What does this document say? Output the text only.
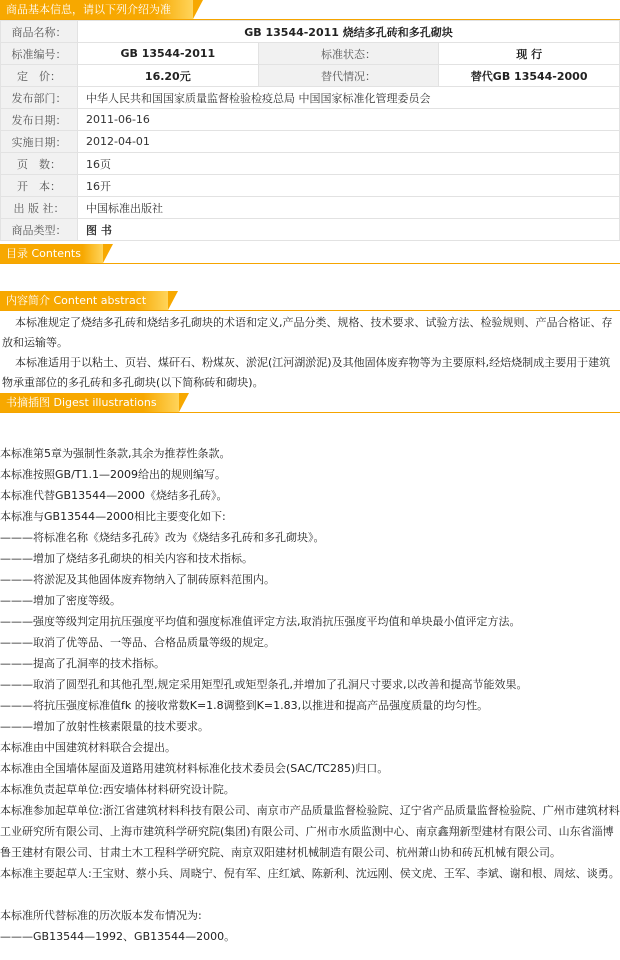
商品基本信息，请以下列介绍为准
商品名称：	GB 13544-2011 烧结多孔砖和多孔砌块		
标准编号：	GB 13544-2011	标准状态：	现 行
定　价：	16.20元	替代情况：	替代GB 13544-2000
发布部门：	中华人民共和国国家质量监督检验检疫总局 中国国家标准化管理委员会		
发布日期：	2011-06-16		
实施日期：	2012-04-01		
页　数：	16页		
开　本：	16开		
出 版 社：	中国标准出版社		
商品类型：	图 书		
目录 Contents
内容简介 Content abstract

本标准规定了烧结多孔砖和烧结多孔砌块的术语和定义,产品分类、规格、技术要求、试验方法、检验规则、产品合格证、存放和运输等。

本标准适用于以粘土、页岩、煤矸石、粉煤灰、淤泥(江河湖淤泥)及其他固体废弃物等为主要原料,经焙烧制成主要用于建筑物承重部位的多孔砖和多孔砌块(以下简称砖和砌块)。

书摘插图 Digest illustrations

本标准第5章为强制性条款,其余为推荐性条款。

本标准按照GB/T1.1—2009给出的规则编写。

本标准代替GB13544—2000《烧结多孔砖》。

本标准与GB13544—2000相比主要变化如下:

———将标准名称《烧结多孔砖》改为《烧结多孔砖和多孔砌块》。

———增加了烧结多孔砌块的相关内容和技术指标。

———将淤泥及其他固体废弃物纳入了制砖原料范围内。

———增加了密度等级。

———强度等级判定用抗压强度平均值和强度标准值评定方法,取消抗压强度平均值和单块最小值评定方法。

———取消了优等品、一等品、合格品质量等级的规定。

———提高了孔洞率的技术指标。

———取消了圆型孔和其他孔型,规定采用矩型孔或矩型条孔,并增加了孔洞尺寸要求,以改善和提高节能效果。

———将抗压强度标准值fk 的接收常数K=1.8调整到K=1.83,以推进和提高产品强度质量的均匀性。

———增加了放射性核素限量的技术要求。

本标准由中国建筑材料联合会提出。

本标准由全国墙体屋面及道路用建筑材料标准化技术委员会(SAC/TC285)归口。

本标准负责起草单位:西安墙体材料研究设计院。

本标准参加起草单位:浙江省建筑材料科技有限公司、南京市产品质量监督检验院、辽宁省产品质量监督检验院、广州市建筑材料工业研究所有限公司、上海市建筑科学研究院(集团)有限公司、广州市水质监测中心、南京鑫翔新型建材有限公司、山东省淄博鲁王建材有限公司、甘肃土木工程科学研究院、南京双阳建材机械制造有限公司、杭州萧山协和砖瓦机械有限公司。

本标准主要起草人:王宝财、蔡小兵、周晓宁、倪有军、庄红斌、陈新利、沈远刚、侯文虎、王军、李斌、谢和根、周炫、谈勇。

本标准所代替标准的历次版本发布情况为:

———GB13544—1992、GB13544—2000。
